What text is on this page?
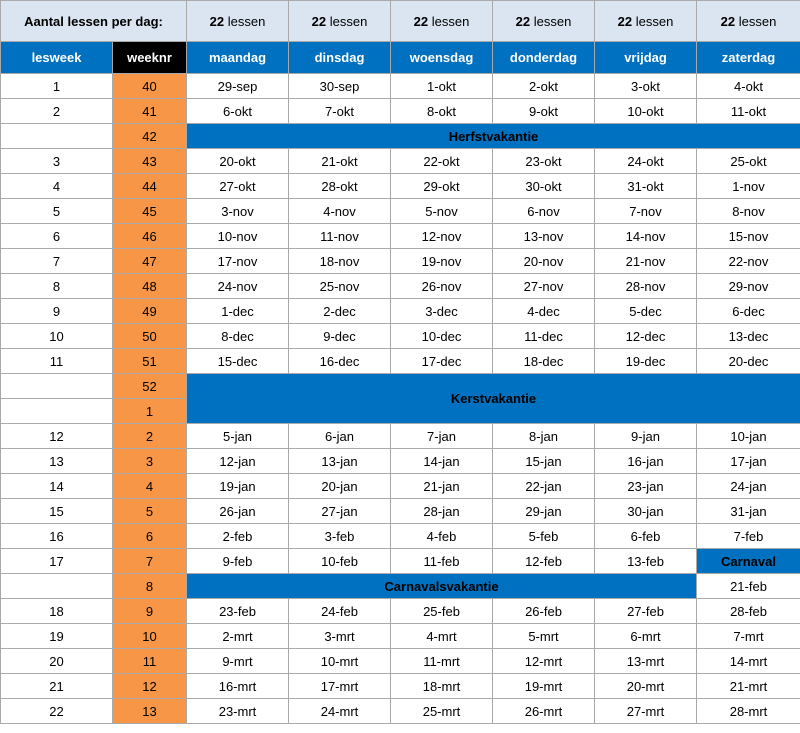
Aantal lessen per dag:		22 lessen	22 lessen	22 lessen	22 lessen	22 lessen	22 lessen
lesweek	weeknr	maandag	dinsdag	woensdag	donderdag	vrijdag	zaterdag
1	40	29-sep	30-sep	1-okt	2-okt	3-okt	4-okt
2	41	6-okt	7-okt	8-okt	9-okt	10-okt	11-okt
	42	Herfstvakantie					
3	43	20-okt	21-okt	22-okt	23-okt	24-okt	25-okt
4	44	27-okt	28-okt	29-okt	30-okt	31-okt	1-nov
5	45	3-nov	4-nov	5-nov	6-nov	7-nov	8-nov
6	46	10-nov	11-nov	12-nov	13-nov	14-nov	15-nov
7	47	17-nov	18-nov	19-nov	20-nov	21-nov	22-nov
8	48	24-nov	25-nov	26-nov	27-nov	28-nov	29-nov
9	49	1-dec	2-dec	3-dec	4-dec	5-dec	6-dec
10	50	8-dec	9-dec	10-dec	11-dec	12-dec	13-dec
11	51	15-dec	16-dec	17-dec	18-dec	19-dec	20-dec
	52	Kerstvakantie					
	1						
12	2	5-jan	6-jan	7-jan	8-jan	9-jan	10-jan
13	3	12-jan	13-jan	14-jan	15-jan	16-jan	17-jan
14	4	19-jan	20-jan	21-jan	22-jan	23-jan	24-jan
15	5	26-jan	27-jan	28-jan	29-jan	30-jan	31-jan
16	6	2-feb	3-feb	4-feb	5-feb	6-feb	7-feb
17	7	9-feb	10-feb	11-feb	12-feb	13-feb	Carnaval
	8	Carnavalsvakantie					21-feb
18	9	23-feb	24-feb	25-feb	26-feb	27-feb	28-feb
19	10	2-mrt	3-mrt	4-mrt	5-mrt	6-mrt	7-mrt
20	11	9-mrt	10-mrt	11-mrt	12-mrt	13-mrt	14-mrt
21	12	16-mrt	17-mrt	18-mrt	19-mrt	20-mrt	21-mrt
22	13	23-mrt	24-mrt	25-mrt	26-mrt	27-mrt	28-mrt
